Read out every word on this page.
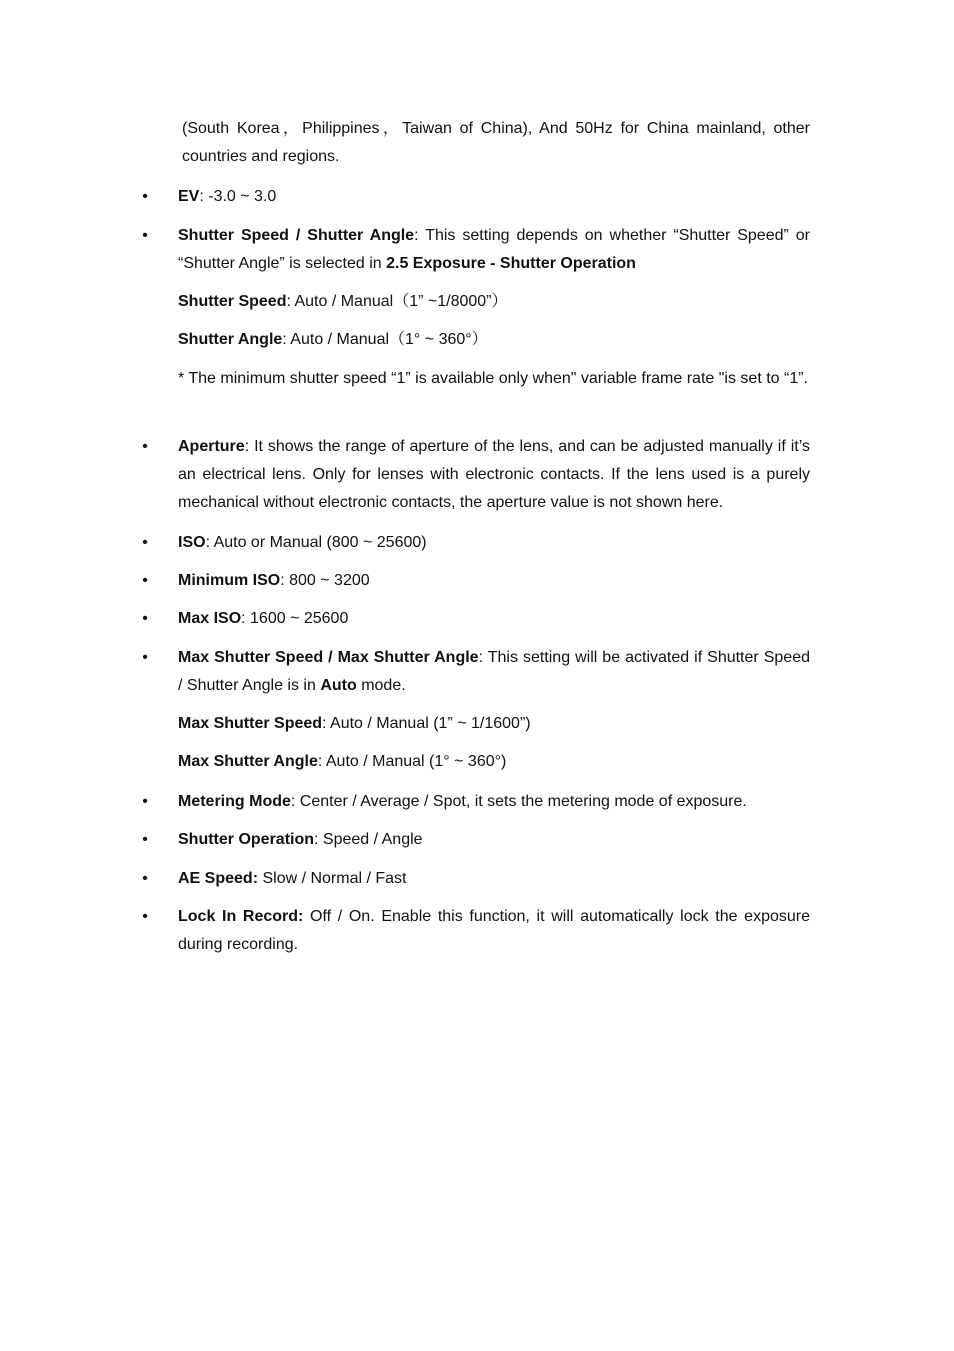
(South Korea，Philippines，Taiwan of China), And 50Hz for China mainland, other
countries and regions.
• EV: -3.0 ~ 3.0
• Shutter Speed / Shutter Angle: This setting depends on whether “Shutter Speed” or “Shutter Angle” is selected in 2.5 Exposure - Shutter Operation
Shutter Speed: Auto / Manual（1” ~1/8000”）
Shutter Angle: Auto / Manual（1° ~ 360°）
* The minimum shutter speed “1” is available only when" variable frame rate "is set to “1”.
• Aperture: It shows the range of aperture of the lens, and can be adjusted manually if it’s an electrical lens. Only for lenses with electronic contacts. If the lens used is a purely mechanical without electronic contacts, the aperture value is not shown here.
• ISO: Auto or Manual (800 ~ 25600)
• Minimum ISO: 800 ~ 3200
• Max ISO: 1600 ~ 25600
• Max Shutter Speed / Max Shutter Angle: This setting will be activated if Shutter Speed / Shutter Angle is in Auto mode.
Max Shutter Speed: Auto / Manual (1” ~ 1/1600”)
Max Shutter Angle: Auto / Manual (1° ~ 360°)
• Metering Mode: Center / Average / Spot, it sets the metering mode of exposure.
• Shutter Operation: Speed / Angle
• AE Speed: Slow / Normal / Fast
• Lock In Record: Off / On. Enable this function, it will automatically lock the exposure during recording.
